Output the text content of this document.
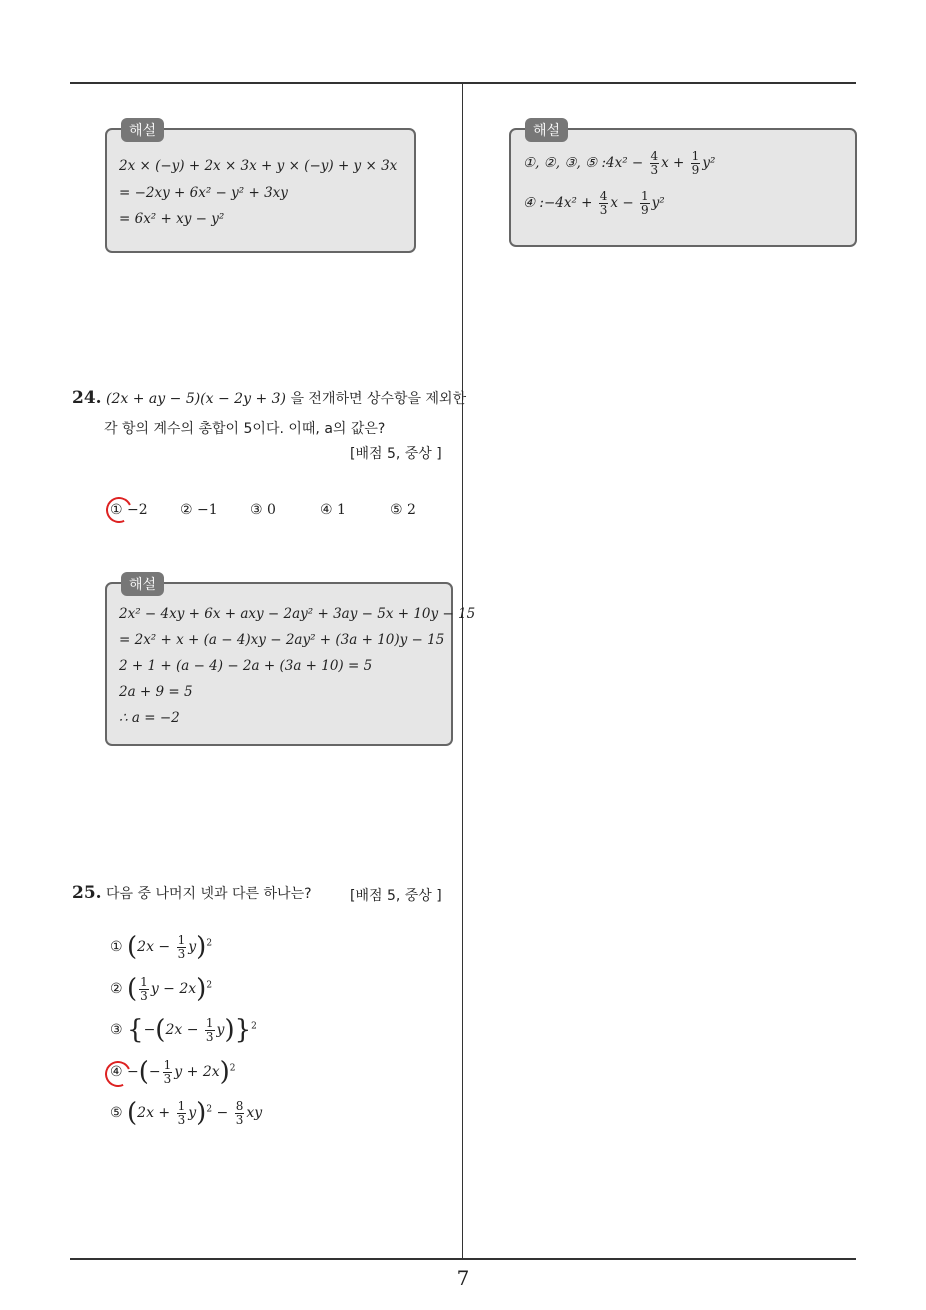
해설
2x × (−y) + 2x × 3x + y × (−y) + y × 3x
= −2xy + 6x² − y² + 3xy
= 6x² + xy − y²
24. (2x + ay − 5)(x − 2y + 3) 을 전개하면 상수항을 제외한
각 항의 계수의 총합이 5이다. 이때, a의 값은?
[배점 5, 중상 ]
① −2 ② −1 ③ 0	④ 1	⑤ 2
해설
2x² − 4xy + 6x + axy − 2ay² + 3ay − 5x + 10y − 15
= 2x² + x + (a − 4)xy − 2ay² + (3a + 10)y − 15
2 + 1 + (a − 4) − 2a + (3a + 10) = 5
2a + 9 = 5
∴ a = −2
25. 다음 중 나머지 넷과 다른 하나는?	[배점 5, 중상 ]
① $(2x - \frac{1}{3} y)^2$
② ( $\frac{1}{3}$ y − 2x)$^2$
③ $\{-(2x - \frac{1}{3} y)\}^2$
④ −(− $\frac{1}{3}$ y + 2x)$^2$
⑤ $(2x + \frac{1}{3} y)^2 - \frac{8}{3}$ xy
해설
①, ②, ③, ⑤ :4x² − $\frac{4}{3}$ $x + \frac{1}{9} y^2$
④ :−4x² + $\frac{4}{3}$ $x - \frac{1}{9} y^2$
7
